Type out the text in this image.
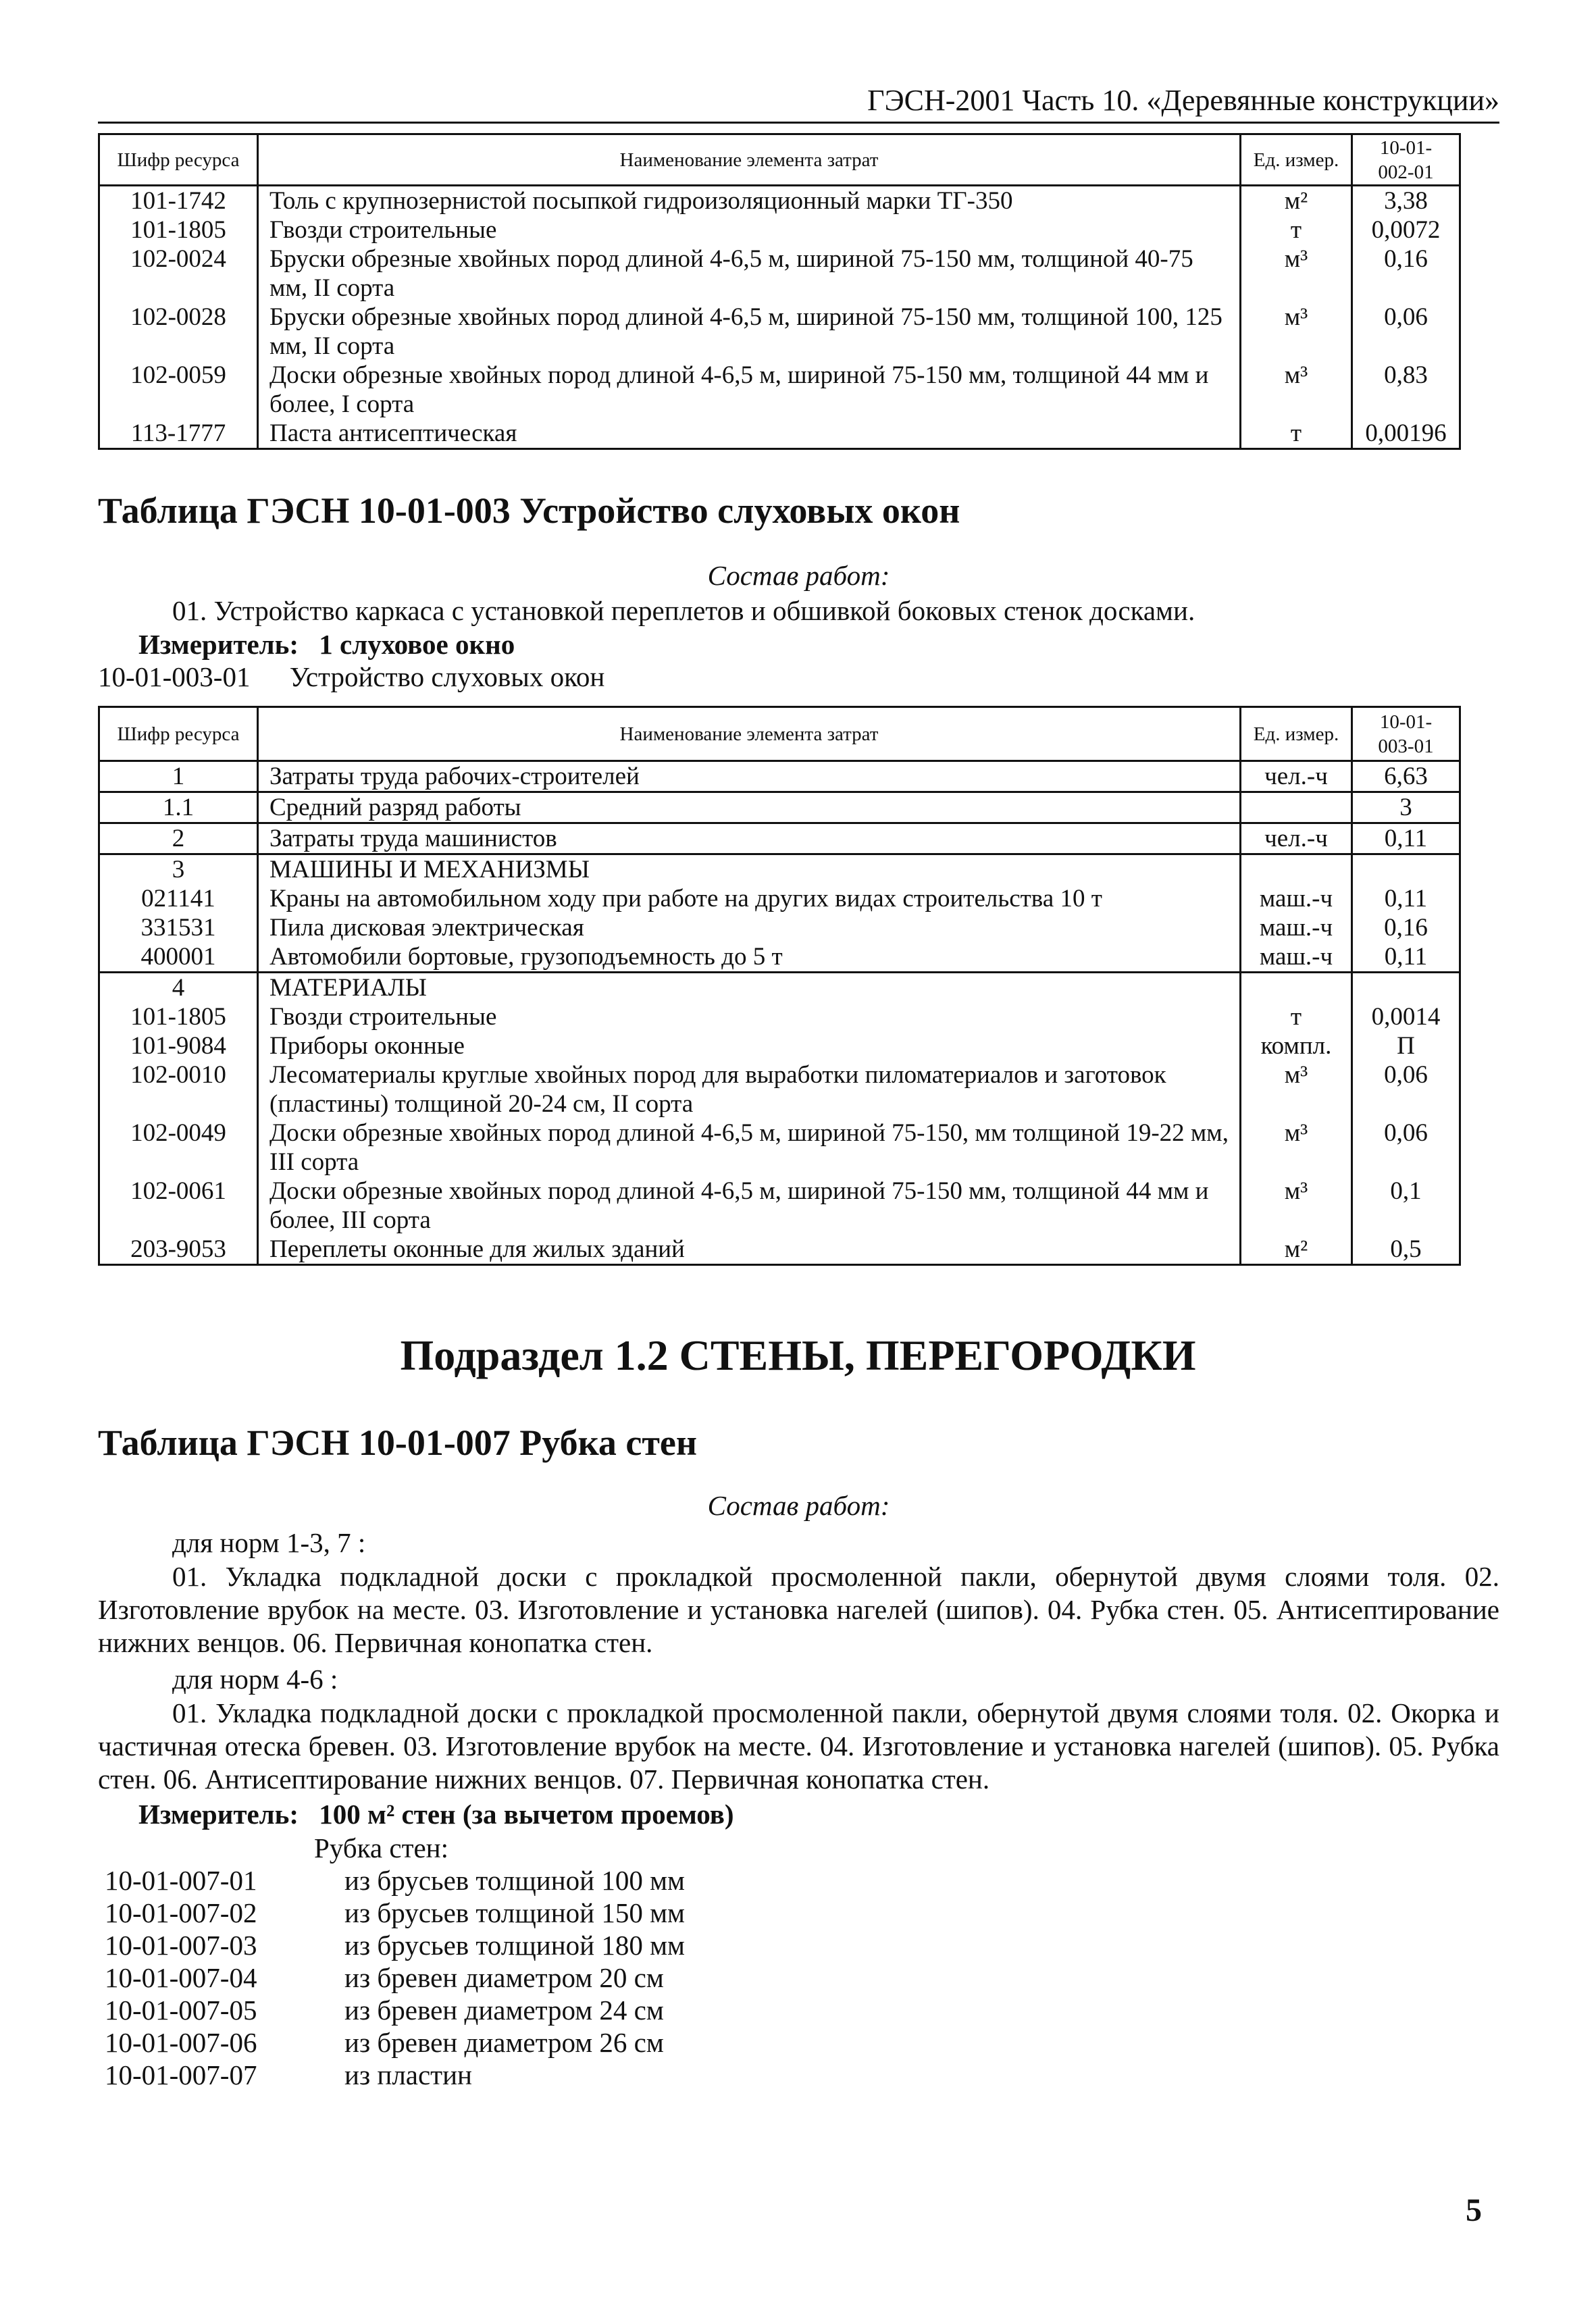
ГЭСН-2001 Часть 10. «Деревянные конструкции»
Шифр ресурса	Наименование элемента затрат	Ед. измер.	10-01-
002-01

101-1742	Толь с крупнозернистой посыпкой гидроизоляционный марки ТГ-350	м²	3,38
101-1805	Гвозди строительные	т	0,0072
102-0024	Бруски обрезные хвойных пород длиной 4-6,5 м, шириной 75-150 мм, толщиной 40-75 мм, II сорта	м³	0,16
102-0028	Бруски обрезные хвойных пород длиной 4-6,5 м, шириной 75-150 мм, толщиной 100, 125 мм, II сорта	м³	0,06
102-0059	Доски обрезные хвойных пород длиной 4-6,5 м, шириной 75-150 мм, толщиной 44 мм и более, I сорта	м³	0,83
113-1777	Паста антисептическая	т	0,00196
Таблица ГЭСН 10-01-003 Устройство слуховых окон
Состав работ:
01. Устройство каркаса с установкой переплетов и обшивкой боковых стенок досками.
Измеритель: 1 слуховое окно
10-01-003-01 Устройство слуховых окон
Шифр ресурса	Наименование элемента затрат	Ед. измер.	10-01-
003-01

1	Затраты труда рабочих-строителей	чел.-ч	6,63
1.1	Средний разряд работы		3
2	Затраты труда машинистов	чел.-ч	0,11
3	МАШИНЫ И МЕХАНИЗМЫ		
021141	Краны на автомобильном ходу при работе на других видах строительства 10 т	маш.-ч	0,11
331531	Пила дисковая электрическая	маш.-ч	0,16
400001	Автомобили бортовые, грузоподъемность до 5 т	маш.-ч	0,11
4	МАТЕРИАЛЫ		
101-1805	Гвозди строительные	т	0,0014
101-9084	Приборы оконные	компл.	П
102-0010	Лесоматериалы круглые хвойных пород для выработки пиломатериалов и заготовок (пластины) толщиной 20-24 см, II сорта	м³	0,06
102-0049	Доски обрезные хвойных пород длиной 4-6,5 м, шириной 75-150, мм толщиной 19-22 мм, III сорта	м³	0,06
102-0061	Доски обрезные хвойных пород длиной 4-6,5 м, шириной 75-150 мм, толщиной 44 мм и более, III сорта	м³	0,1
203-9053	Переплеты оконные для жилых зданий	м²	0,5
Подраздел 1.2 СТЕНЫ, ПЕРЕГОРОДКИ
Таблица ГЭСН 10-01-007 Рубка стен
Состав работ:
для норм 1-3, 7 :
01. Укладка подкладной доски с прокладкой просмоленной пакли, обернутой двумя слоями толя. 02. Изготовление врубок на месте. 03. Изготовление и установка нагелей (шипов). 04. Рубка стен. 05. Антисептирование нижних венцов. 06. Первичная конопатка стен.
для норм 4-6 :
01. Укладка подкладной доски с прокладкой просмоленной пакли, обернутой двумя слоями толя. 02. Окорка и частичная отеска бревен. 03. Изготовление врубок на месте. 04. Изготовление и установка нагелей (шипов). 05. Рубка стен. 06. Антисептирование нижних венцов. 07. Первичная конопатка стен.
Измеритель: 100 м² стен (за вычетом проемов)
Рубка стен:
10-01-007-01	из брусьев толщиной 100 мм
10-01-007-02	из брусьев толщиной 150 мм
10-01-007-03	из брусьев толщиной 180 мм
10-01-007-04	из бревен диаметром 20 см
10-01-007-05	из бревен диаметром 24 см
10-01-007-06	из бревен диаметром 26 см
10-01-007-07	из пластин
5
